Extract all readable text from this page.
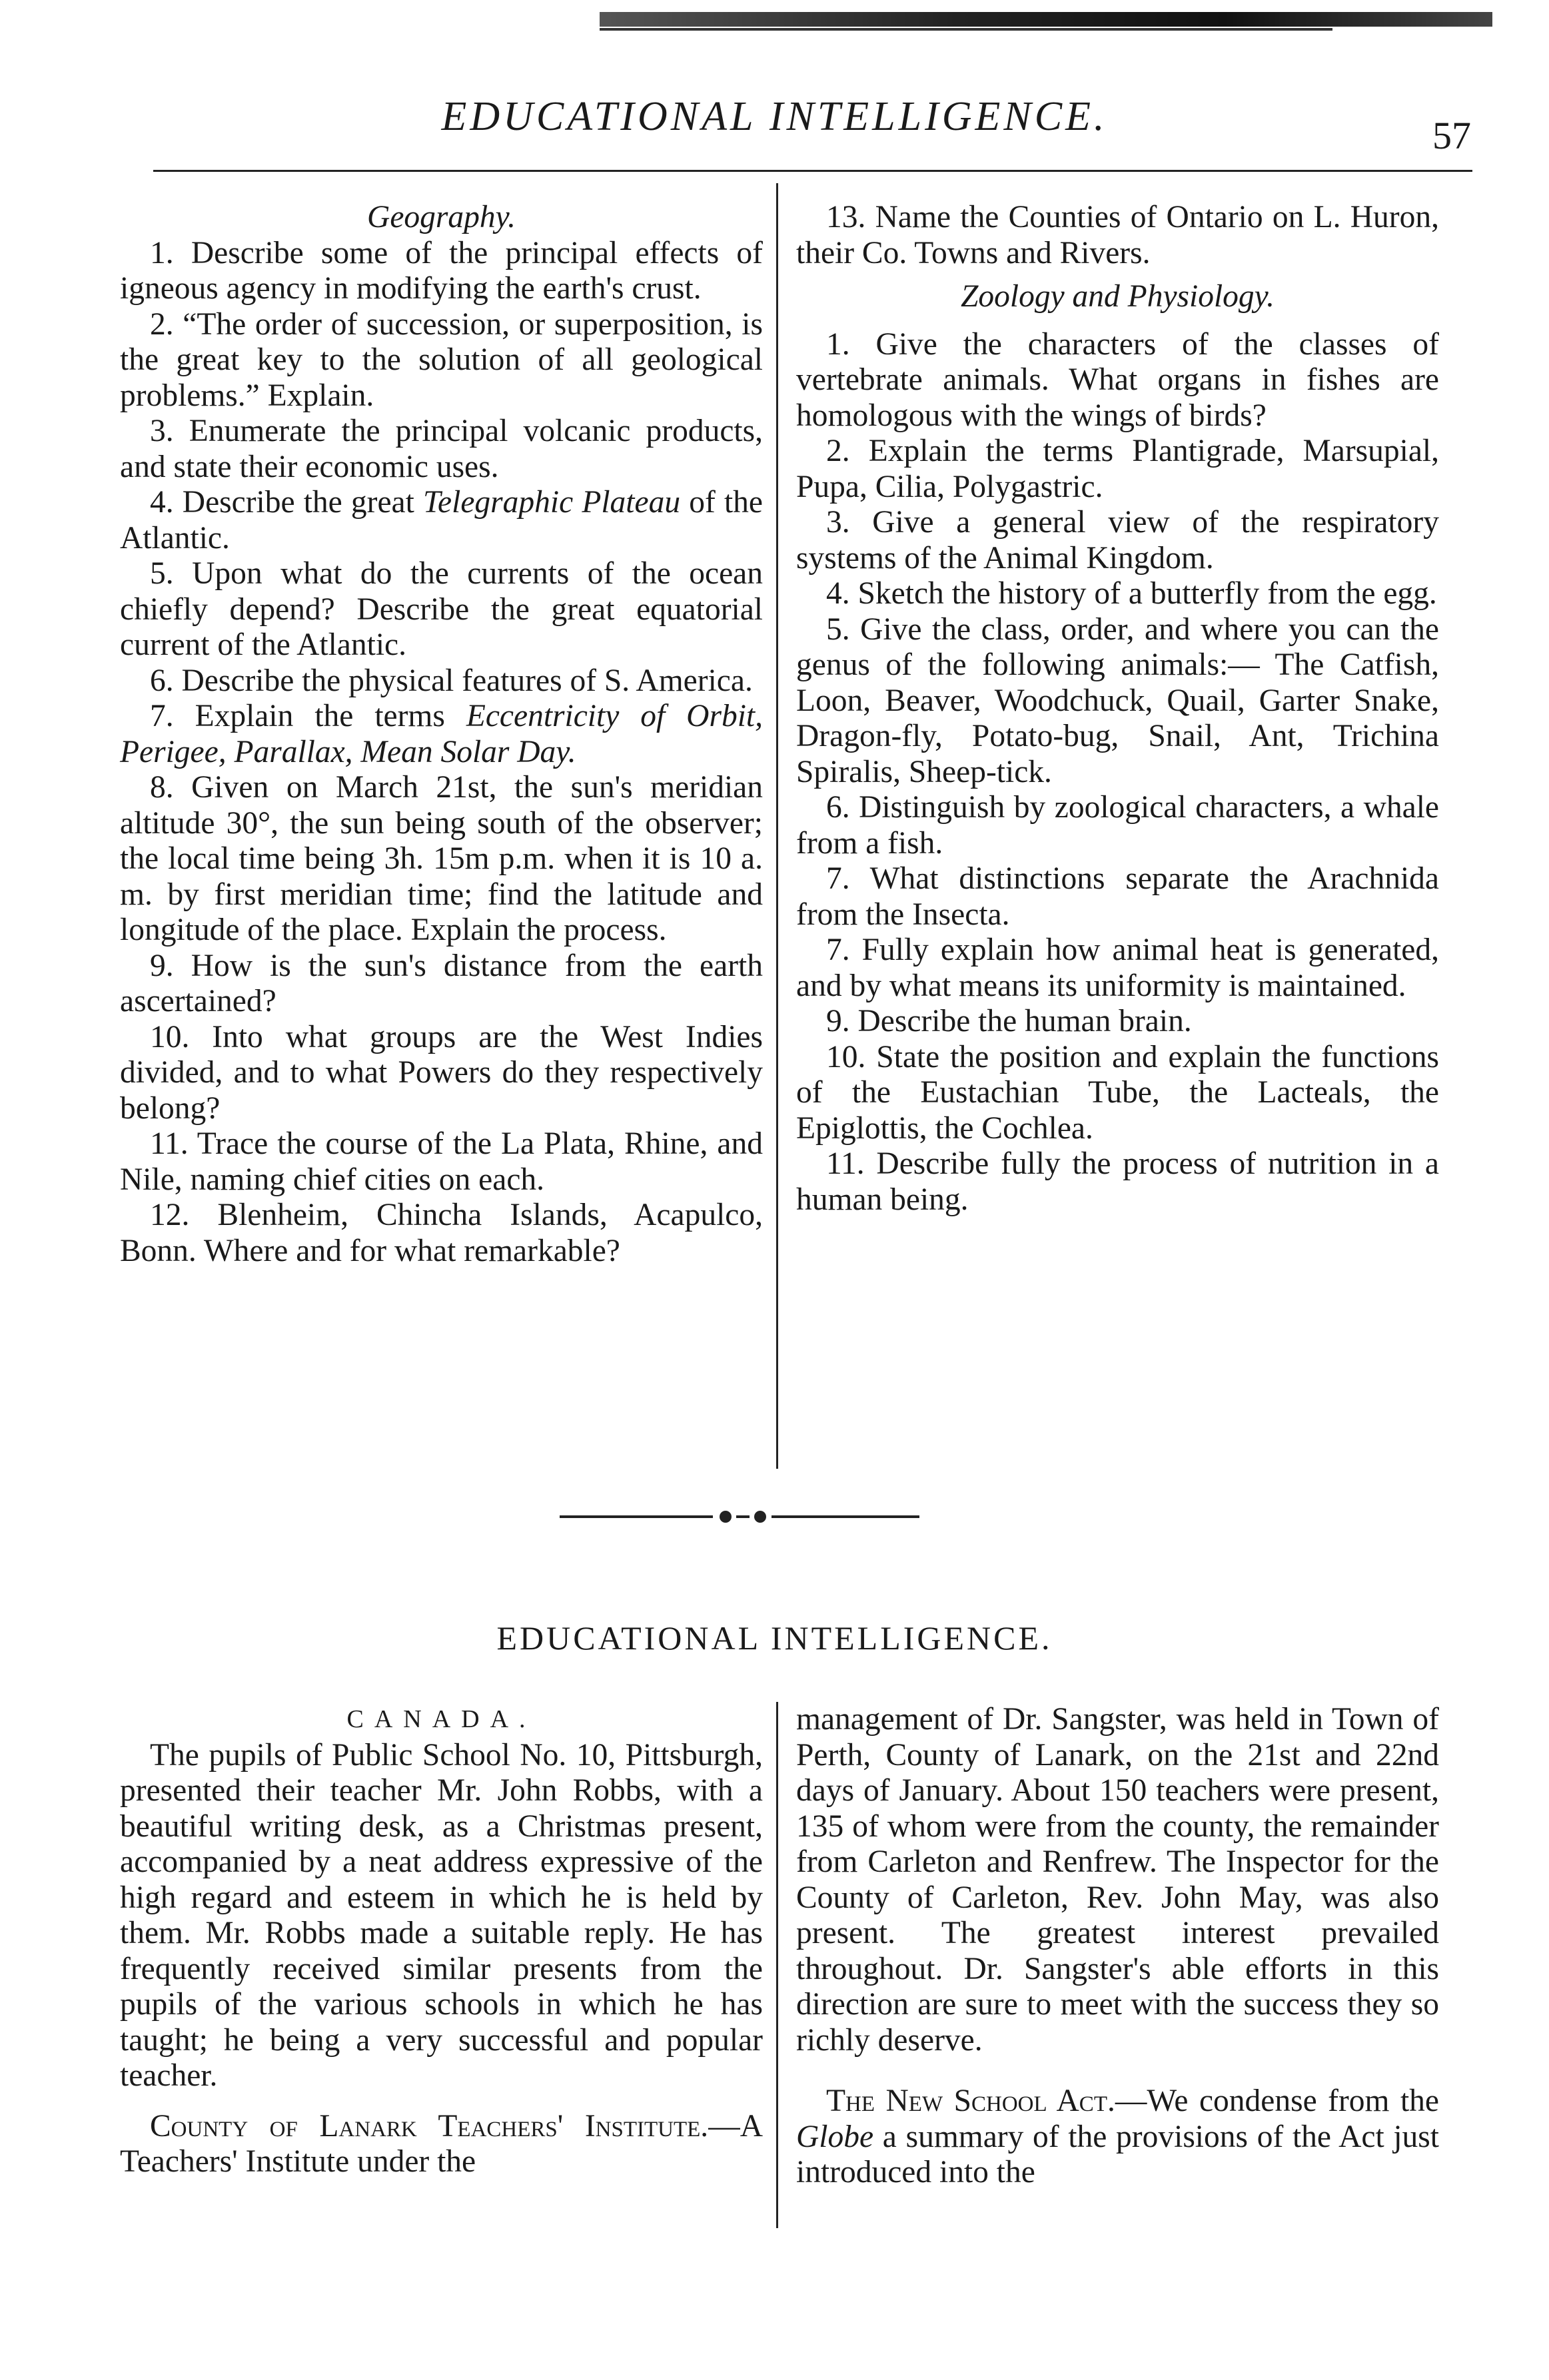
EDUCATIONAL INTELLIGENCE.	57

Geography.

1. Describe some of the principal effects of igneous agency in modifying the earth's crust.

2. “The order of succession, or superposition, is the great key to the solution of all geological problems.” Explain.

3. Enumerate the principal volcanic products, and state their economic uses.

4. Describe the great Telegraphic Plateau of the Atlantic.

5. Upon what do the currents of the ocean chiefly depend? Describe the great equatorial current of the Atlantic.

6. Describe the physical features of S. America.

7. Explain the terms Eccentricity of Orbit, Perigee, Parallax, Mean Solar Day.

8. Given on March 21st, the sun's meridian altitude 30°, the sun being south of the observer; the local time being 3h. 15m p.m. when it is 10 a. m. by first meridian time; find the latitude and longitude of the place. Explain the process.

9. How is the sun's distance from the earth ascertained?

10. Into what groups are the West Indies divided, and to what Powers do they respectively belong?

11. Trace the course of the La Plata, Rhine, and Nile, naming chief cities on each.

12. Blenheim, Chincha Islands, Acapulco, Bonn. Where and for what remarkable?

13. Name the Counties of Ontario on L. Huron, their Co. Towns and Rivers.

Zoology and Physiology.

1. Give the characters of the classes of vertebrate animals. What organs in fishes are homologous with the wings of birds?

2. Explain the terms Plantigrade, Marsupial, Pupa, Cilia, Polygastric.

3. Give a general view of the respiratory systems of the Animal Kingdom.

4. Sketch the history of a butterfly from the egg.

5. Give the class, order, and where you can the genus of the following animals:— The Catfish, Loon, Beaver, Woodchuck, Quail, Garter Snake, Dragon-fly, Potato-bug, Snail, Ant, Trichina Spiralis, Sheep-tick.

6. Distinguish by zoological characters, a whale from a fish.

7. What distinctions separate the Arachnida from the Insecta.

7. Fully explain how animal heat is generated, and by what means its uniformity is maintained.

9. Describe the human brain.

10. State the position and explain the functions of the Eustachian Tube, the Lacteals, the Epiglottis, the Cochlea.

11. Describe fully the process of nutrition in a human being.

EDUCATIONAL INTELLIGENCE.

CANADA.

The pupils of Public School No. 10, Pittsburgh, presented their teacher Mr. John Robbs, with a beautiful writing desk, as a Christmas present, accompanied by a neat address expressive of the high regard and esteem in which he is held by them. Mr. Robbs made a suitable reply. He has frequently received similar presents from the pupils of the various schools in which he has taught; he being a very successful and popular teacher.

County of Lanark Teachers' Institute.—A Teachers' Institute under the

management of Dr. Sangster, was held in Town of Perth, County of Lanark, on the 21st and 22nd days of January. About 150 teachers were present, 135 of whom were from the county, the remainder from Carleton and Renfrew. The Inspector for the County of Carleton, Rev. John May, was also present. The greatest interest prevailed throughout. Dr. Sangster's able efforts in this direction are sure to meet with the success they so richly deserve.

The New School Act.—We condense from the Globe a summary of the provisions of the Act just introduced into the
